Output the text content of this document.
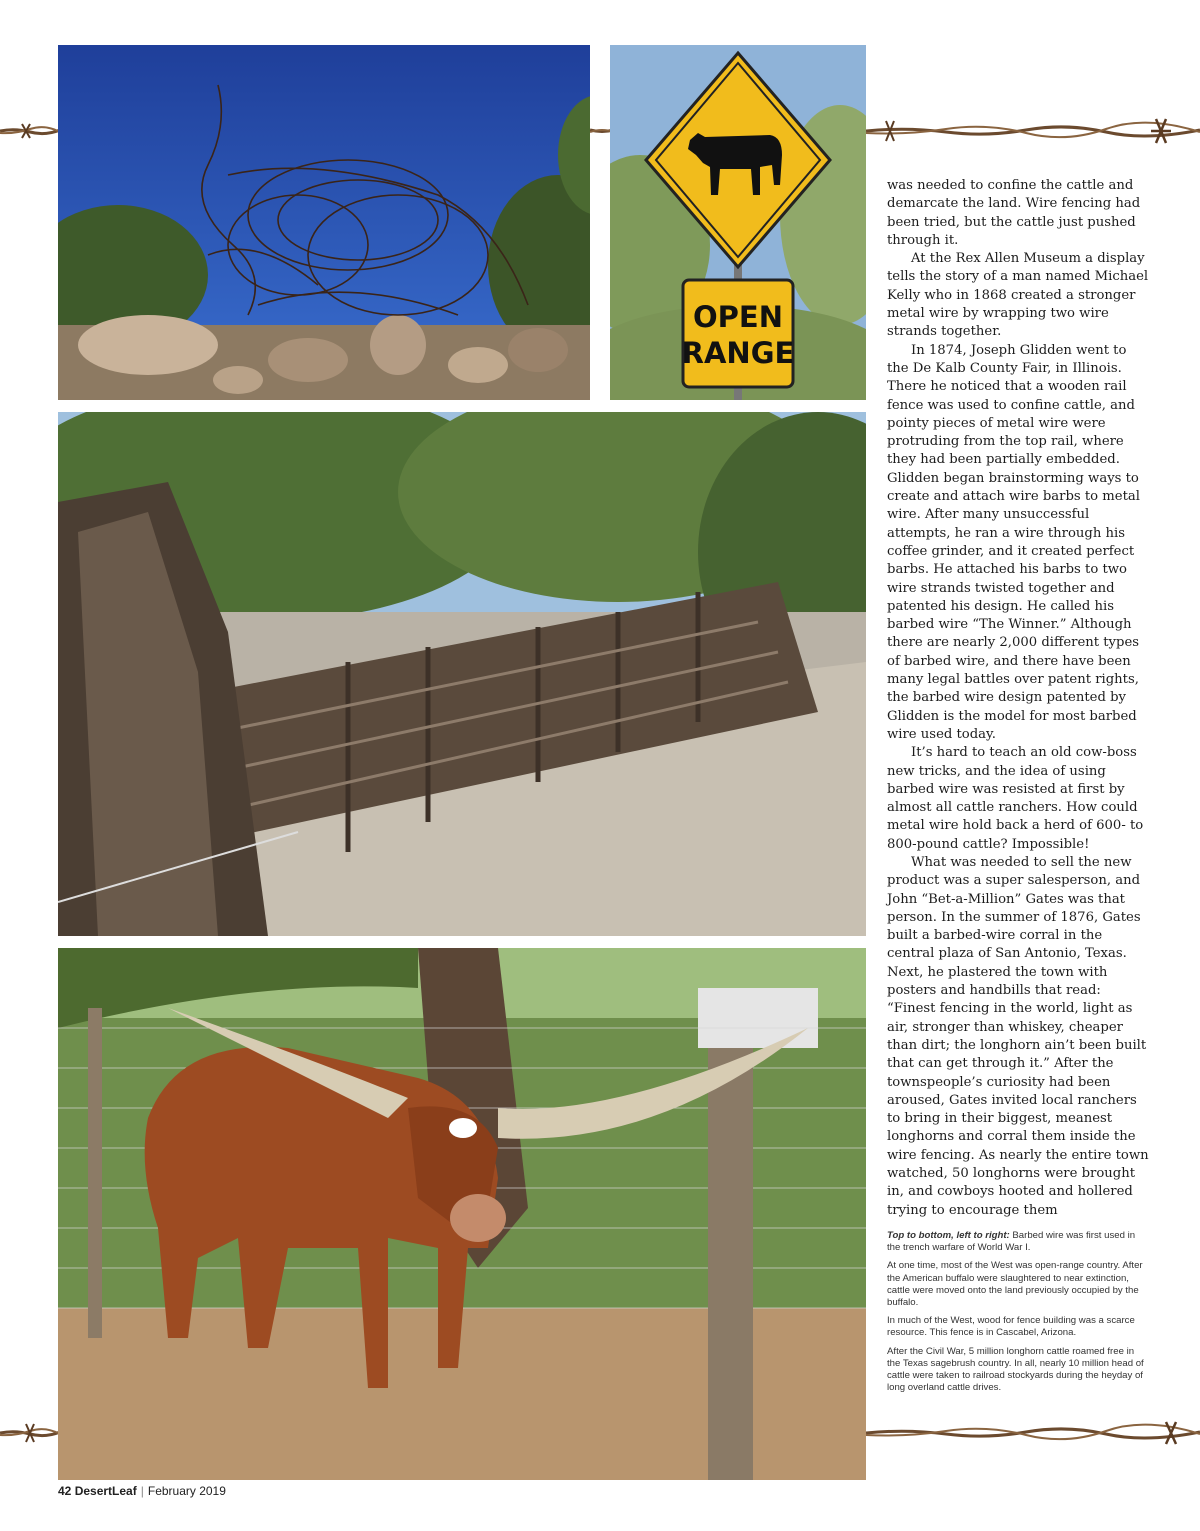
OPEN
RANGE

was needed to confine the cattle and demarcate the land. Wire fencing had been tried, but the cattle just pushed through it.

At the Rex Allen Museum a display tells the story of a man named Michael Kelly who in 1868 created a stronger metal wire by wrapping two wire strands together.

In 1874, Joseph Glidden went to the De Kalb County Fair, in Illinois. There he noticed that a wooden rail fence was used to confine cattle, and pointy pieces of metal wire were protruding from the top rail, where they had been partially embedded. Glidden began brainstorming ways to create and attach wire barbs to metal wire. After many unsuccessful attempts, he ran a wire through his coffee grinder, and it created perfect barbs. He attached his barbs to two wire strands twisted together and patented his design. He called his barbed wire “The Winner.” Although there are nearly 2,000 different types of barbed wire, and there have been many legal battles over patent rights, the barbed wire design patented by Glidden is the model for most barbed wire used today.

It’s hard to teach an old cow-boss new tricks, and the idea of using barbed wire was resisted at first by almost all cattle ranchers. How could metal wire hold back a herd of 600- to 800-pound cattle? Impossible!

What was needed to sell the new product was a super salesperson, and John “Bet-a-Million” Gates was that person. In the summer of 1876, Gates built a barbed-wire corral in the central plaza of San Antonio, Texas. Next, he plastered the town with posters and handbills that read: “Finest fencing in the world, light as air, stronger than whiskey, cheaper than dirt; the longhorn ain’t been built that can get through it.” After the townspeople’s curiosity had been aroused, Gates invited local ranchers to bring in their biggest, meanest longhorns and corral them inside the wire fencing. As nearly the entire town watched, 50 longhorns were brought in, and cowboys hooted and hollered trying to encourage them

Top to bottom, left to right: Barbed wire was first used in the trench warfare of World War I.

At one time, most of the West was open-range country. After the American buffalo were slaughtered to near extinction, cattle were moved onto the land previously occupied by the buffalo.

In much of the West, wood for fence building was a scarce resource. This fence is in Cascabel, Arizona.

After the Civil War, 5 million longhorn cattle roamed free in the Texas sagebrush country. In all, nearly 10 million head of cattle were taken to railroad stockyards during the heyday of long overland cattle drives.

42 DesertLeaf | February 2019
